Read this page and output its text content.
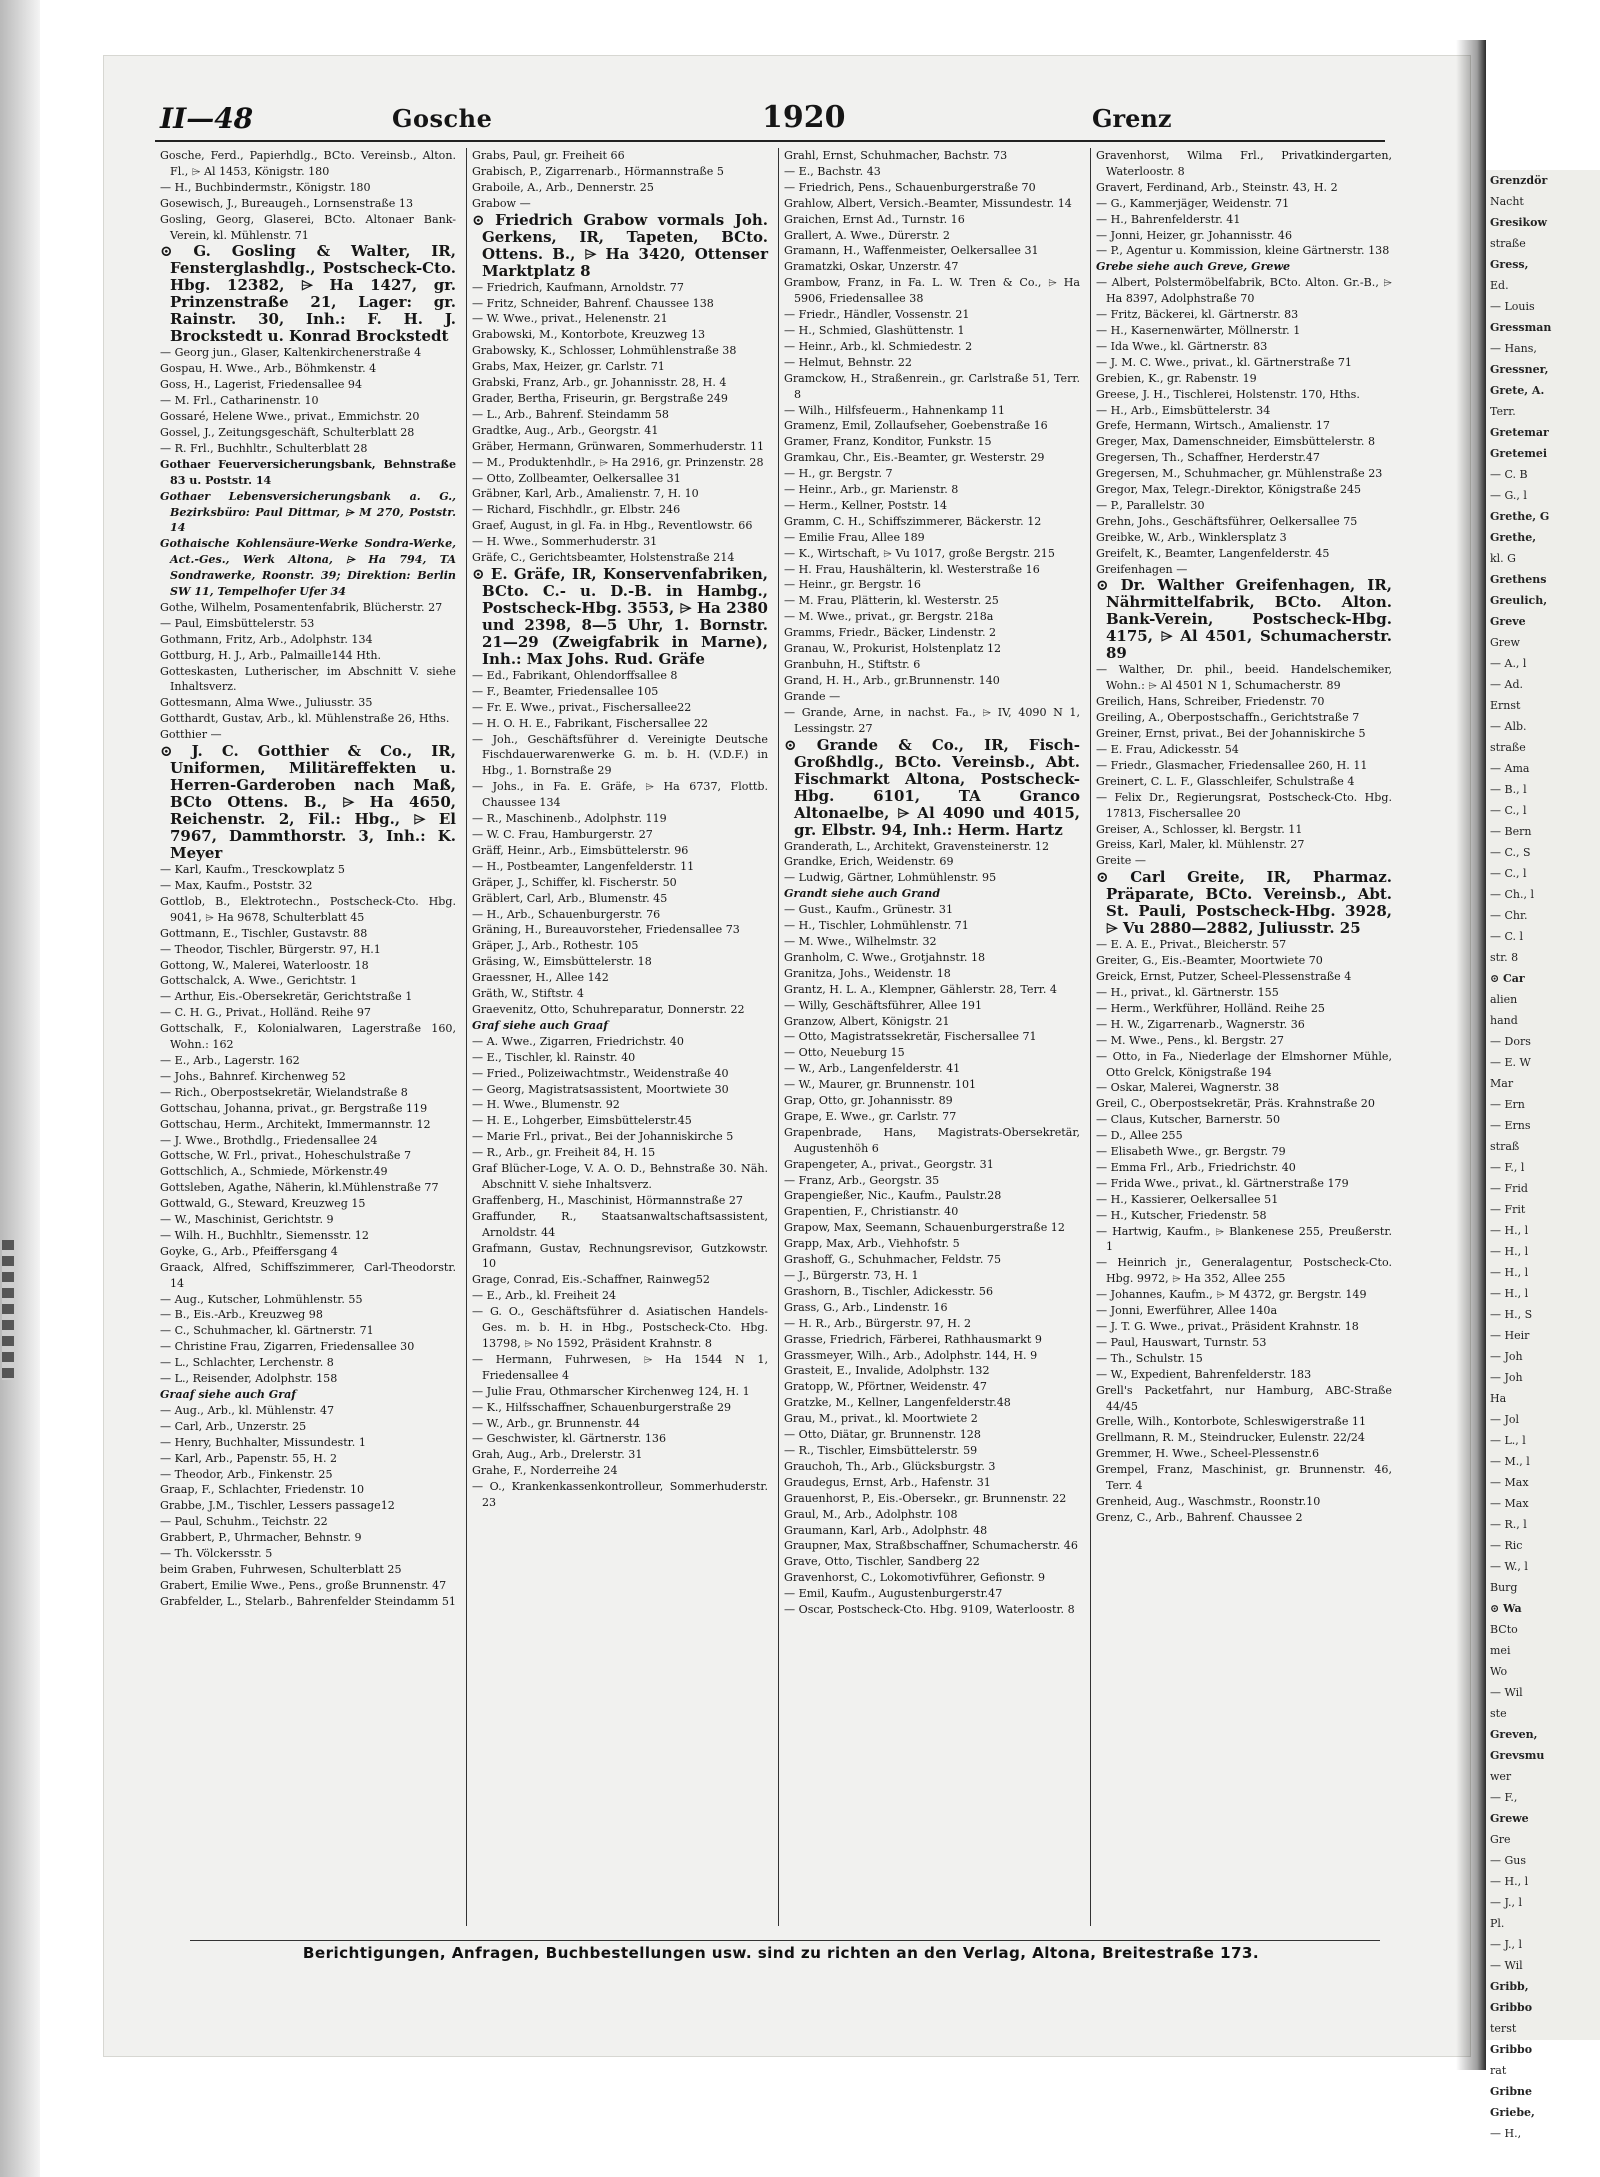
Grenzdör
Nacht
Gresikow
straße
Gress,
Ed.
— Louis
Gressman
— Hans,
Gressner,
Grete, A.
Terr.
Gretemar
Gretemei
— C. B
— G., l
Grethe, G
Grethe,
kl. G
Grethens
Greulich,
Greve
Grew
— A., l
— Ad.
Ernst
— Alb.
straße
— Ama
— B., l
— C., l
— Bern
— C., S
— C., l
— Ch., l
— Chr.
— C. l
str. 8
⊙ Car
alien
hand
— Dors
— E. W
Mar
— Ern
— Erns
straß
— F., l
— Frid
— Frit
— H., l
— H., l
— H., l
— H., l
— H., S
— Heir
— Joh
— Joh
Ha
— Jol
— L., l
— M., l
— Max
— Max
— R., l
— Ric
— W., l
Burg
⊙ Wa
BCto
mei
Wo
— Wil
ste
Greven,
Grevsmu
wer
— F.,
Grewe
Gre
— Gus
— H., l
— J., l
Pl.
— J., l
— Wil
Gribb,
Gribbo
terst
Gribbo
rat
Gribne
Griebe,
— H.,
II—48	Gosche	1920	Grenz
Gosche, Ferd., Papierhdlg., BCto. Vereinsb., Alton. Fl., ⌲ Al 1453, Königstr. 180
— H., Buchbindermstr., Königstr. 180
Gosewisch, J., Bureaugeh., Lornsenstraße 13
Gosling, Georg, Glaserei, BCto. Altonaer Bank-Verein, kl. Mühlenstr. 71
⊙ G. Gosling & Walter, IR, Fensterglashdlg., Postscheck-Cto. Hbg. 12382, ⌲ Ha 1427, gr. Prinzenstraße 21, Lager: gr. Rainstr. 30, Inh.: F. H. J. Brockstedt u. Konrad Brockstedt
— Georg jun., Glaser, Kaltenkirchenerstraße 4
Gospau, H. Wwe., Arb., Böhmkenstr. 4
Goss, H., Lagerist, Friedensallee 94
— M. Frl., Catharinenstr. 10
Gossaré, Helene Wwe., privat., Emmichstr. 20
Gossel, J., Zeitungsgeschäft, Schulterblatt 28
— R. Frl., Buchhltr., Schulterblatt 28
Gothaer Feuerversicherungsbank, Behnstraße 83 u. Poststr. 14
Gothaer Lebensversicherungsbank a. G., Bezirksbüro: Paul Dittmar, ⌲ M 270, Poststr. 14
Gothaische Kohlensäure-Werke Sondra-Werke, Act.-Ges., Werk Altona, ⌲ Ha 794, TA Sondrawerke, Roonstr. 39; Direktion: Berlin SW 11, Tempelhofer Ufer 34
Gothe, Wilhelm, Posamentenfabrik, Blücherstr. 27
— Paul, Eimsbüttelerstr. 53
Gothmann, Fritz, Arb., Adolphstr. 134
Gottburg, H. J., Arb., Palmaille144 Hth.
Gotteskasten, Lutherischer, im Abschnitt V. siehe Inhaltsverz.
Gottesmann, Alma Wwe., Juliusstr. 35
Gotthardt, Gustav, Arb., kl. Mühlenstraße 26, Hths.
Gotthier —
⊙ J. C. Gotthier & Co., IR, Uniformen, Militäreffekten u. Herren-Garderoben nach Maß, BCto Ottens. B., ⌲ Ha 4650, Reichenstr. 2, Fil.: Hbg., ⌲ El 7967, Dammthorstr. 3, Inh.: K. Meyer
— Karl, Kaufm., Tresckowplatz 5
— Max, Kaufm., Poststr. 32
Gottlob, B., Elektrotechn., Postscheck-Cto. Hbg. 9041, ⌲ Ha 9678, Schulterblatt 45
Gottmann, E., Tischler, Gustavstr. 88
— Theodor, Tischler, Bürgerstr. 97, H.1
Gottong, W., Malerei, Waterloostr. 18
Gottschalck, A. Wwe., Gerichtstr. 1
— Arthur, Eis.-Obersekretär, Gerichtstraße 1
— C. H. G., Privat., Holländ. Reihe 97
Gottschalk, F., Kolonialwaren, Lagerstraße 160, Wohn.: 162
— E., Arb., Lagerstr. 162
— Johs., Bahnref. Kirchenweg 52
— Rich., Oberpostsekretär, Wielandstraße 8
Gottschau, Johanna, privat., gr. Bergstraße 119
Gottschau, Herm., Architekt, Immermannstr. 12
— J. Wwe., Brothdlg., Friedensallee 24
Gottsche, W. Frl., privat., Hoheschulstraße 7
Gottschlich, A., Schmiede, Mörkenstr.49
Gottsleben, Agathe, Näherin, kl.Mühlenstraße 77
Gottwald, G., Steward, Kreuzweg 15
— W., Maschinist, Gerichtstr. 9
— Wilh. H., Buchhltr., Siemensstr. 12
Goyke, G., Arb., Pfeiffersgang 4
Graack, Alfred, Schiffszimmerer, Carl-Theodorstr. 14
— Aug., Kutscher, Lohmühlenstr. 55
— B., Eis.-Arb., Kreuzweg 98
— C., Schuhmacher, kl. Gärtnerstr. 71
— Christine Frau, Zigarren, Friedensallee 30
— L., Schlachter, Lerchenstr. 8
— L., Reisender, Adolphstr. 158
Graaf siehe auch Graf
— Aug., Arb., kl. Mühlenstr. 47
— Carl, Arb., Unzerstr. 25
— Henry, Buchhalter, Missundestr. 1
— Karl, Arb., Papenstr. 55, H. 2
— Theodor, Arb., Finkenstr. 25
Graap, F., Schlachter, Friedenstr. 10
Grabbe, J.M., Tischler, Lessers passage12
— Paul, Schuhm., Teichstr. 22
Grabbert, P., Uhrmacher, Behnstr. 9
— Th. Völckersstr. 5
beim Graben, Fuhrwesen, Schulterblatt 25
Grabert, Emilie Wwe., Pens., große Brunnenstr. 47
Grabfelder, L., Stelarb., Bahrenfelder Steindamm 51
Grabs, Paul, gr. Freiheit 66
Grabisch, P., Zigarrenarb., Hörmannstraße 5
Graboile, A., Arb., Dennerstr. 25
Grabow —
⊙ Friedrich Grabow vormals Joh. Gerkens, IR, Tapeten, BCto. Ottens. B., ⌲ Ha 3420, Ottenser Marktplatz 8
— Friedrich, Kaufmann, Arnoldstr. 77
— Fritz, Schneider, Bahrenf. Chaussee 138
— W. Wwe., privat., Helenenstr. 21
Grabowski, M., Kontorbote, Kreuzweg 13
Grabowsky, K., Schlosser, Lohmühlenstraße 38
Grabs, Max, Heizer, gr. Carlstr. 71
Grabski, Franz, Arb., gr. Johannisstr. 28, H. 4
Grader, Bertha, Friseurin, gr. Bergstraße 249
— L., Arb., Bahrenf. Steindamm 58
Gradtke, Aug., Arb., Georgstr. 41
Gräber, Hermann, Grünwaren, Sommerhuderstr. 11
— M., Produktenhdlr., ⌲ Ha 2916, gr. Prinzenstr. 28
— Otto, Zollbeamter, Oelkersallee 31
Gräbner, Karl, Arb., Amalienstr. 7, H. 10
— Richard, Fischhdlr., gr. Elbstr. 246
Graef, August, in gl. Fa. in Hbg., Reventlowstr. 66
— H. Wwe., Sommerhuderstr. 31
Gräfe, C., Gerichtsbeamter, Holstenstraße 214
⊙ E. Gräfe, IR, Konservenfabriken, BCto. C.- u. D.-B. in Hambg., Postscheck-Hbg. 3553, ⌲ Ha 2380 und 2398, 8—5 Uhr, 1. Bornstr. 21—29 (Zweigfabrik in Marne), Inh.: Max Johs. Rud. Gräfe
— Ed., Fabrikant, Ohlendorffsallee 8
— F., Beamter, Friedensallee 105
— Fr. E. Wwe., privat., Fischersallee22
— H. O. H. E., Fabrikant, Fischersallee 22
— Joh., Geschäftsführer d. Vereinigte Deutsche Fischdauerwarenwerke G. m. b. H. (V.D.F.) in Hbg., 1. Bornstraße 29
— Johs., in Fa. E. Gräfe, ⌲ Ha 6737, Flottb. Chaussee 134
— R., Maschinenb., Adolphstr. 119
— W. C. Frau, Hamburgerstr. 27
Gräff, Heinr., Arb., Eimsbüttelerstr. 96
— H., Postbeamter, Langenfelderstr. 11
Gräper, J., Schiffer, kl. Fischerstr. 50
Gräblert, Carl, Arb., Blumenstr. 45
— H., Arb., Schauenburgerstr. 76
Gräning, H., Bureauvorsteher, Friedensallee 73
Gräper, J., Arb., Rothestr. 105
Gräsing, W., Eimsbüttelerstr. 18
Graessner, H., Allee 142
Gräth, W., Stiftstr. 4
Graevenitz, Otto, Schuhreparatur, Donnerstr. 22
Graf siehe auch Graaf
— A. Wwe., Zigarren, Friedrichstr. 40
— E., Tischler, kl. Rainstr. 40
— Fried., Polizeiwachtmstr., Weidenstraße 40
— Georg, Magistratsassistent, Moortwiete 30
— H. Wwe., Blumenstr. 92
— H. E., Lohgerber, Eimsbüttelerstr.45
— Marie Frl., privat., Bei der Johanniskirche 5
— R., Arb., gr. Freiheit 84, H. 15
Graf Blücher-Loge, V. A. O. D., Behnstraße 30. Näh. Abschnitt V. siehe Inhaltsverz.
Graffenberg, H., Maschinist, Hörmannstraße 27
Graffunder, R., Staatsanwaltschaftsassistent, Arnoldstr. 44
Grafmann, Gustav, Rechnungsrevisor, Gutzkowstr. 10
Grage, Conrad, Eis.-Schaffner, Rainweg52
— E., Arb., kl. Freiheit 24
— G. O., Geschäftsführer d. Asiatischen Handels-Ges. m. b. H. in Hbg., Postscheck-Cto. Hbg. 13798, ⌲ No 1592, Präsident Krahnstr. 8
— Hermann, Fuhrwesen, ⌲ Ha 1544 N 1, Friedensallee 4
— Julie Frau, Othmarscher Kirchenweg 124, H. 1
— K., Hilfsschaffner, Schauenburgerstraße 29
— W., Arb., gr. Brunnenstr. 44
— Geschwister, kl. Gärtnerstr. 136
Grah, Aug., Arb., Drelerstr. 31
Grahe, F., Norderreihe 24
— O., Krankenkassenkontrolleur, Sommerhuderstr. 23
Grahl, Ernst, Schuhmacher, Bachstr. 73
— E., Bachstr. 43
— Friedrich, Pens., Schauenburgerstraße 70
Grahlow, Albert, Versich.-Beamter, Missundestr. 14
Graichen, Ernst Ad., Turnstr. 16
Grallert, A. Wwe., Dürerstr. 2
Gramann, H., Waffenmeister, Oelkersallee 31
Gramatzki, Oskar, Unzerstr. 47
Grambow, Franz, in Fa. L. W. Tren & Co., ⌲ Ha 5906, Friedensallee 38
— Friedr., Händler, Vossenstr. 21
— H., Schmied, Glashüttenstr. 1
— Heinr., Arb., kl. Schmiedestr. 2
— Helmut, Behnstr. 22
Gramckow, H., Straßenrein., gr. Carlstraße 51, Terr. 8
— Wilh., Hilfsfeuerm., Hahnenkamp 11
Gramenz, Emil, Zollaufseher, Goebenstraße 16
Gramer, Franz, Konditor, Funkstr. 15
Gramkau, Chr., Eis.-Beamter, gr. Westerstr. 29
— H., gr. Bergstr. 7
— Heinr., Arb., gr. Marienstr. 8
— Herm., Kellner, Poststr. 14
Gramm, C. H., Schiffszimmerer, Bäckerstr. 12
— Emilie Frau, Allee 189
— K., Wirtschaft, ⌲ Vu 1017, große Bergstr. 215
— H. Frau, Haushälterin, kl. Westerstraße 16
— Heinr., gr. Bergstr. 16
— M. Frau, Plätterin, kl. Westerstr. 25
— M. Wwe., privat., gr. Bergstr. 218a
Gramms, Friedr., Bäcker, Lindenstr. 2
Granau, W., Prokurist, Holstenplatz 12
Granbuhn, H., Stiftstr. 6
Grand, H. H., Arb., gr.Brunnenstr. 140
Grande —
— Grande, Arne, in nachst. Fa., ⌲ IV, 4090 N 1, Lessingstr. 27
⊙ Grande & Co., IR, Fisch-Großhdlg., BCto. Vereinsb., Abt. Fischmarkt Altona, Postscheck-Hbg. 6101, TA Granco Altonaelbe, ⌲ Al 4090 und 4015, gr. Elbstr. 94, Inh.: Herm. Hartz
Granderath, L., Architekt, Gravensteinerstr. 12
Grandke, Erich, Weidenstr. 69
— Ludwig, Gärtner, Lohmühlenstr. 95
Grandt siehe auch Grand
— Gust., Kaufm., Grünestr. 31
— H., Tischler, Lohmühlenstr. 71
— M. Wwe., Wilhelmstr. 32
Granholm, C. Wwe., Grotjahnstr. 18
Granitza, Johs., Weidenstr. 18
Grantz, H. L. A., Klempner, Gählerstr. 28, Terr. 4
— Willy, Geschäftsführer, Allee 191
Granzow, Albert, Königstr. 21
— Otto, Magistratssekretär, Fischersallee 71
— Otto, Neueburg 15
— W., Arb., Langenfelderstr. 41
— W., Maurer, gr. Brunnenstr. 101
Grap, Otto, gr. Johannisstr. 89
Grape, E. Wwe., gr. Carlstr. 77
Grapenbrade, Hans, Magistrats-Obersekretär, Augustenhöh 6
Grapengeter, A., privat., Georgstr. 31
— Franz, Arb., Georgstr. 35
Grapengießer, Nic., Kaufm., Paulstr.28
Grapentien, F., Christianstr. 40
Grapow, Max, Seemann, Schauenburgerstraße 12
Grapp, Max, Arb., Viehhofstr. 5
Grashoff, G., Schuhmacher, Feldstr. 75
— J., Bürgerstr. 73, H. 1
Grashorn, B., Tischler, Adickesstr. 56
Grass, G., Arb., Lindenstr. 16
— H. R., Arb., Bürgerstr. 97, H. 2
Grasse, Friedrich, Färberei, Rathhausmarkt 9
Grassmeyer, Wilh., Arb., Adolphstr. 144, H. 9
Grasteit, E., Invalide, Adolphstr. 132
Gratopp, W., Pförtner, Weidenstr. 47
Gratzke, M., Kellner, Langenfelderstr.48
Grau, M., privat., kl. Moortwiete 2
— Otto, Diätar, gr. Brunnenstr. 128
— R., Tischler, Eimsbüttelerstr. 59
Grauchoh, Th., Arb., Glücksburgstr. 3
Graudegus, Ernst, Arb., Hafenstr. 31
Grauenhorst, P., Eis.-Obersekr., gr. Brunnenstr. 22
Graul, M., Arb., Adolphstr. 108
Graumann, Karl, Arb., Adolphstr. 48
Graupner, Max, Straßbschaffner, Schumacherstr. 46
Grave, Otto, Tischler, Sandberg 22
Gravenhorst, C., Lokomotivführer, Gefionstr. 9
— Emil, Kaufm., Augustenburgerstr.47
— Oscar, Postscheck-Cto. Hbg. 9109, Waterloostr. 8
Gravenhorst, Wilma Frl., Privatkindergarten, Waterloostr. 8
Gravert, Ferdinand, Arb., Steinstr. 43, H. 2
— G., Kammerjäger, Weidenstr. 71
— H., Bahrenfelderstr. 41
— Jonni, Heizer, gr. Johannisstr. 46
— P., Agentur u. Kommission, kleine Gärtnerstr. 138
Grebe siehe auch Greve, Grewe
— Albert, Polstermöbelfabrik, BCto. Alton. Gr.-B., ⌲ Ha 8397, Adolphstraße 70
— Fritz, Bäckerei, kl. Gärtnerstr. 83
— H., Kasernenwärter, Möllnerstr. 1
— Ida Wwe., kl. Gärtnerstr. 83
— J. M. C. Wwe., privat., kl. Gärtnerstraße 71
Grebien, K., gr. Rabenstr. 19
Greese, J. H., Tischlerei, Holstenstr. 170, Hths.
— H., Arb., Eimsbüttelerstr. 34
Grefe, Hermann, Wirtsch., Amalienstr. 17
Greger, Max, Damenschneider, Eimsbüttelerstr. 8
Gregersen, Th., Schaffner, Herderstr.47
Gregersen, M., Schuhmacher, gr. Mühlenstraße 23
Gregor, Max, Telegr.-Direktor, Königstraße 245
— P., Parallelstr. 30
Grehn, Johs., Geschäftsführer, Oelkersallee 75
Greibke, W., Arb., Winklersplatz 3
Greifelt, K., Beamter, Langenfelderstr. 45
Greifenhagen —
⊙ Dr. Walther Greifenhagen, IR, Nährmittelfabrik, BCto. Alton. Bank-Verein, Postscheck-Hbg. 4175, ⌲ Al 4501, Schumacherstr. 89
— Walther, Dr. phil., beeid. Handelschemiker, Wohn.: ⌲ Al 4501 N 1, Schumacherstr. 89
Greilich, Hans, Schreiber, Friedenstr. 70
Greiling, A., Oberpostschaffn., Gerichtstraße 7
Greiner, Ernst, privat., Bei der Johanniskirche 5
— E. Frau, Adickesstr. 54
— Friedr., Glasmacher, Friedensallee 260, H. 11
Greinert, C. L. F., Glasschleifer, Schulstraße 4
— Felix Dr., Regierungsrat, Postscheck-Cto. Hbg. 17813, Fischersallee 20
Greiser, A., Schlosser, kl. Bergstr. 11
Greiss, Karl, Maler, kl. Mühlenstr. 27
Greite —
⊙ Carl Greite, IR, Pharmaz. Präparate, BCto. Vereinsb., Abt. St. Pauli, Postscheck-Hbg. 3928, ⌲ Vu 2880—2882, Juliusstr. 25
— E. A. E., Privat., Bleicherstr. 57
Greiter, G., Eis.-Beamter, Moortwiete 70
Greick, Ernst, Putzer, Scheel-Plessenstraße 4
— H., privat., kl. Gärtnerstr. 155
— Herm., Werkführer, Holländ. Reihe 25
— H. W., Zigarrenarb., Wagnerstr. 36
— M. Wwe., Pens., kl. Bergstr. 27
— Otto, in Fa., Niederlage der Elmshorner Mühle, Otto Grelck, Königstraße 194
— Oskar, Malerei, Wagnerstr. 38
Greil, C., Oberpostsekretär, Präs. Krahnstraße 20
— Claus, Kutscher, Barnerstr. 50
— D., Allee 255
— Elisabeth Wwe., gr. Bergstr. 79
— Emma Frl., Arb., Friedrichstr. 40
— Frida Wwe., privat., kl. Gärtnerstraße 179
— H., Kassierer, Oelkersallee 51
— H., Kutscher, Friedenstr. 58
— Hartwig, Kaufm., ⌲ Blankenese 255, Preußerstr. 1
— Heinrich jr., Generalagentur, Postscheck-Cto. Hbg. 9972, ⌲ Ha 352, Allee 255
— Johannes, Kaufm., ⌲ M 4372, gr. Bergstr. 149
— Jonni, Ewerführer, Allee 140a
— J. T. G. Wwe., privat., Präsident Krahnstr. 18
— Paul, Hauswart, Turnstr. 53
— Th., Schulstr. 15
— W., Expedient, Bahrenfelderstr. 183
Grell's Packetfahrt, nur Hamburg, ABC-Straße 44/45
Grelle, Wilh., Kontorbote, Schleswigerstraße 11
Grellmann, R. M., Steindrucker, Eulenstr. 22/24
Gremmer, H. Wwe., Scheel-Plessenstr.6
Grempel, Franz, Maschinist, gr. Brunnenstr. 46, Terr. 4
Grenheid, Aug., Waschmstr., Roonstr.10
Grenz, C., Arb., Bahrenf. Chaussee 2
Berichtigungen, Anfragen, Buchbestellungen usw. sind zu richten an den Verlag, Altona, Breitestraße 173.
